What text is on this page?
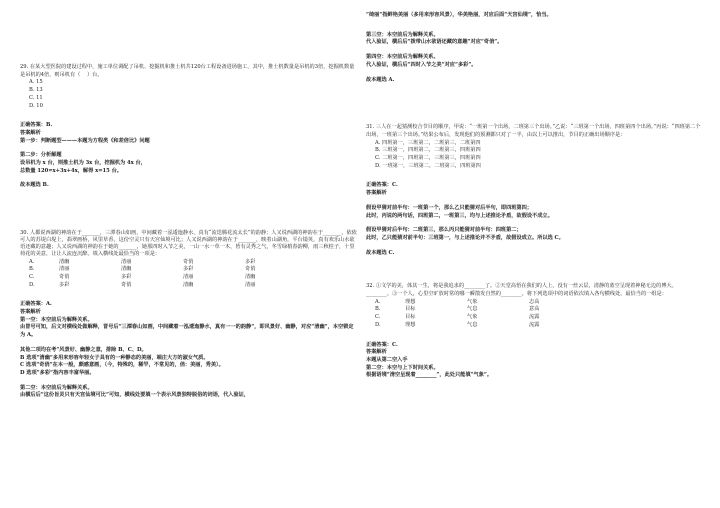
29. 在某大型医院的建设过程中，施工单位调配了吊机、挖掘机和推土机共120台工程设备进场施工，其中，推土机数量是吊机的3倍，挖掘机数量是吊机的4倍，则吊机有（    ）台。

A. 15
B. 13
C. 11
D. 10
正确答案：B.
答案解析
第一步：判断题型———本题为方程类《和差倍比》问题
第二步：分析解题
设吊机为 x 台，则推土机为 3x 台，挖掘机为 4x 台，
总数量 120=x+3x+4x，解得 x=15 台。
故本题选 B.

30. 人都说西湖的神韵在于_______，三潭春山如画，中间藏着一泓逶迤静水，真有“流迭腾花流太长”的韵静；人又说西湖的神韵在于_______，依依可人的苏堤白堤上，翡翠画桥，风里草香，这份空灵只有天宫仙境可比；人又说西湖的神韵在于_______，映着山湖角，平台镜英，真有欢乐山水欲语还藏的意趣；人又说西湖的神韵在于她的_______，她那四时入节之美，一山一水一草一木，皆有灵秀之气，冬雪绿梢春韵柳，雨三秋桂子，十里荷花的美意，让让人流连沉醉。填入横线处最恰当的一项是：

A.	清幽	清丽	奇俏	多彩
B.	清丽	清幽	多彩	奇俏
C.	奇俏	多彩	清丽	清幽
D.	多彩	奇俏	清幽	清丽
正确答案：A.
答案解析
第一空：本空前后为解释关系。

由冒号可知，后文对横线处做解释，冒号后“三潭春山如画，中间藏着一泓逶迤静水，真有一一的韵静”，即风景好、幽静，对应“清幽”，本空锁定为 A。

其他二项均在考“风景好、幽静之意，排除 B、C、D。
B 选项“清幽”多用来形容年轻女子具有的一种静态的美丽，端庄大方的淑女气质。
C 选项“奇俏”在本一般，颇感意画，（今，特殊的，稀罕，不常见的，俏：美丽，秀美）。
D 选项“多彩”指内容丰富华丽。
第二空：本空前后为解释关系。

由横后后“这份旨灵只有天宫仙境可比”可知，横线处要填一个表示风景独特脱俗的词语，代入验证，

“绮丽”指鲜艳美丽（多用来形容风景），华美艳丽，对应后面“天宫仙境”，恰当。
第三空：本空前后为解释关系。
代入验证，横后后“拨带山水欲语还藏的意趣”对应“奇俏”。
第四空：本空前后为解释关系。
代入验证，横后后“四时入节之美”对应“多彩”。
故本题选 A.

31. 三人在一起猜测校合节目的顺序，甲说：“一班第一个出场，二班第三个出场。”乙说：“三班第一个出场，四班第四个出场。”丙说：“四班第二个出场，一班第三个出场。”结果公布后，发现他们的预测都只对了一半，由以上可以推出，节目的正确出场顺序是：

A. 四班第一，三班第二，二班第三，二班第四
B. 三班第一，四班第二，二班第三，四班第四
C. 二班第一，四班第二，三班第三，四班第四
D. 一班第一，三班第二，二班第三，四班第四
正确答案：C.
答案解析
假设甲猜对前半句：一班第一个，那么乙只能猜对后半句，即四班第四；
此时，丙说的两句话，四班第二，一班第三，均与上述推论矛盾，故假设不成立。
假设甲猜对后半句：二班第三，那么丙只能猜对前半句：四班第二；
此时，乙只能猜对前半句：三班第一，与上述推论并不矛盾，故假设成立。所以选 C。
故本题选 C.

32. ①文学的美，体其一生，将是我追求的________了。②天堂高悟在我们的人上，没有一丝云层，清静的蓝空呈现着神秘无边的博大。________。③一个人，心里空旷放时常的哪一瞬散发自然的________。将下列选项中的词语依次填入各句横线处，最恰当的一组是：

A.	理想	气象	志高
B.	目标	气息	意高
C.	目标	气象	流露
D.	理想	气息	流露
正确答案：C.
答案解析
本题从第二空入手
第二空：本空与上下时间关系。
根据语境“清空呈现着________”，此处只能填“气象”。
